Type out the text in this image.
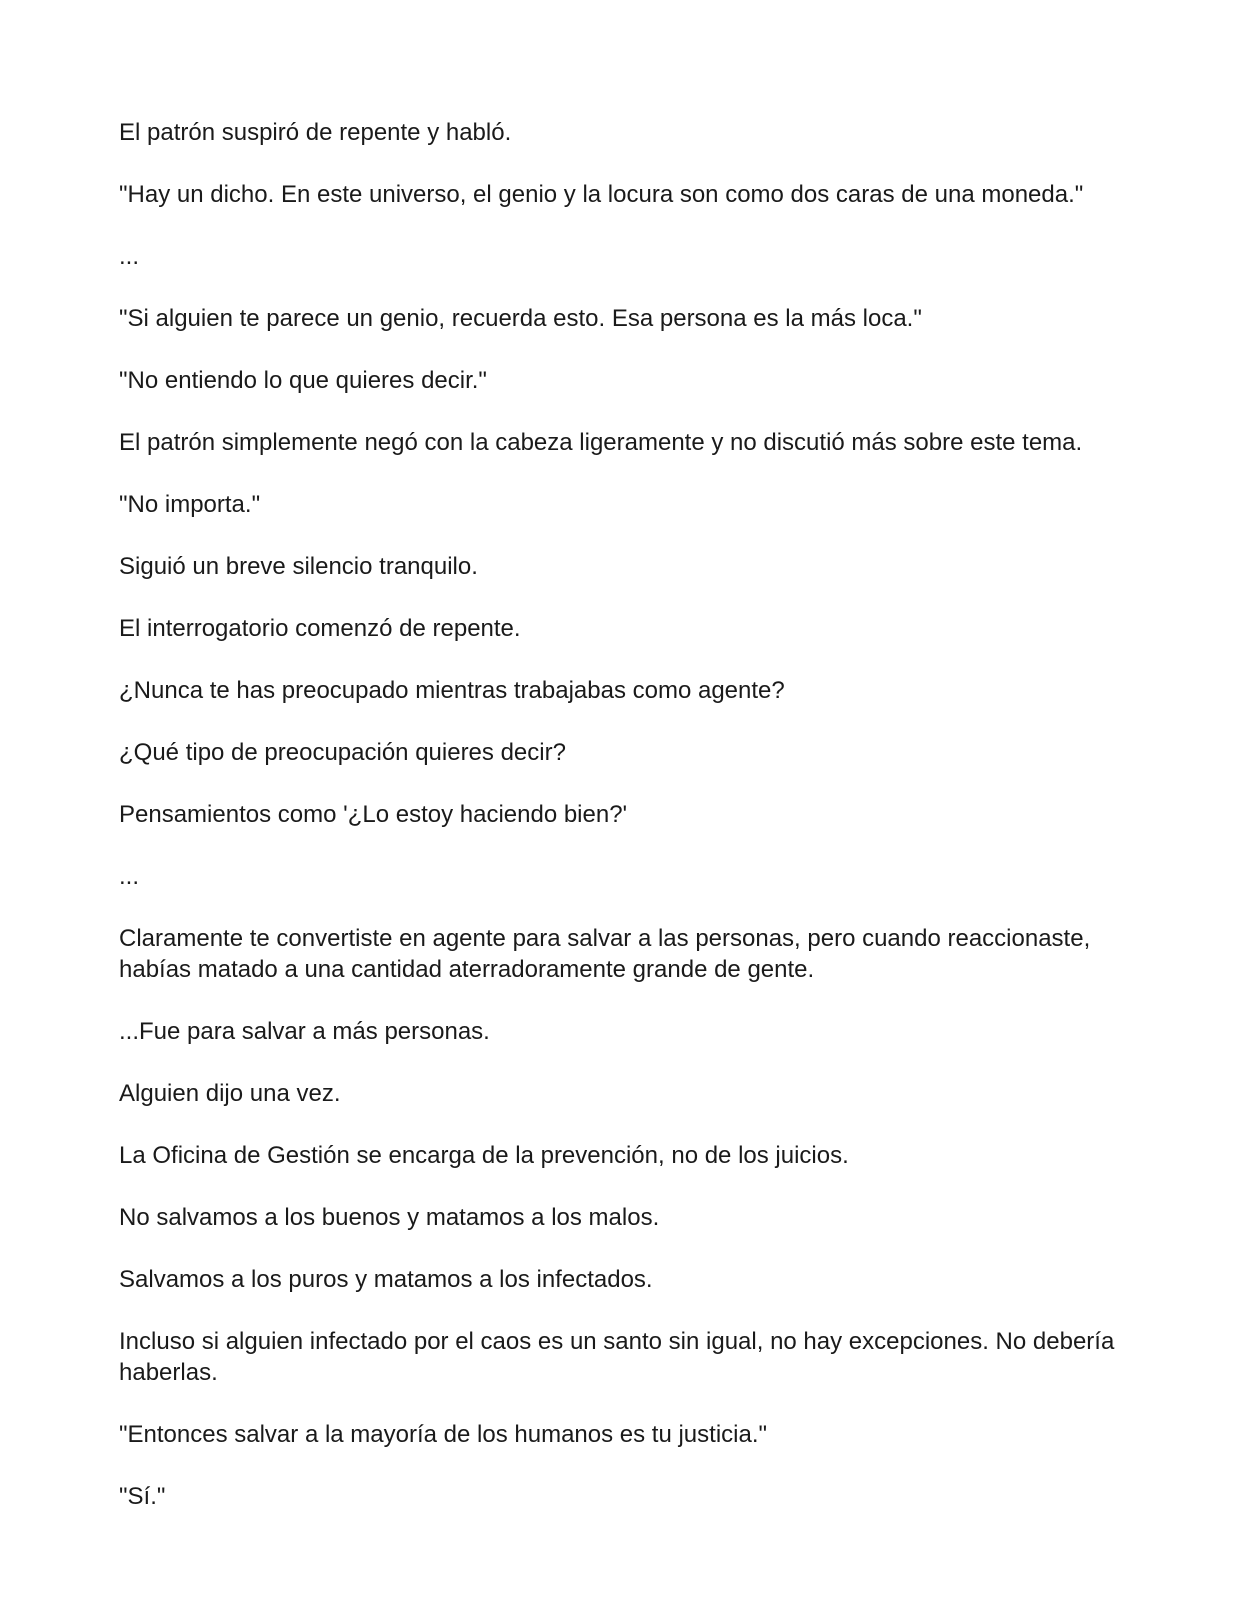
El patrón suspiró de repente y habló.

"Hay un dicho. En este universo, el genio y la locura son como dos caras de una moneda."

...

"Si alguien te parece un genio, recuerda esto. Esa persona es la más loca."

"No entiendo lo que quieres decir."

El patrón simplemente negó con la cabeza ligeramente y no discutió más sobre este tema.

"No importa."

Siguió un breve silencio tranquilo.

El interrogatorio comenzó de repente.

¿Nunca te has preocupado mientras trabajabas como agente?

¿Qué tipo de preocupación quieres decir?

Pensamientos como '¿Lo estoy haciendo bien?'

...

Claramente te convertiste en agente para salvar a las personas, pero cuando reaccionaste, habías matado a una cantidad aterradoramente grande de gente.

...Fue para salvar a más personas.

Alguien dijo una vez.

La Oficina de Gestión se encarga de la prevención, no de los juicios.

No salvamos a los buenos y matamos a los malos.

Salvamos a los puros y matamos a los infectados.

Incluso si alguien infectado por el caos es un santo sin igual, no hay excepciones. No debería haberlas.

"Entonces salvar a la mayoría de los humanos es tu justicia."

"Sí."
